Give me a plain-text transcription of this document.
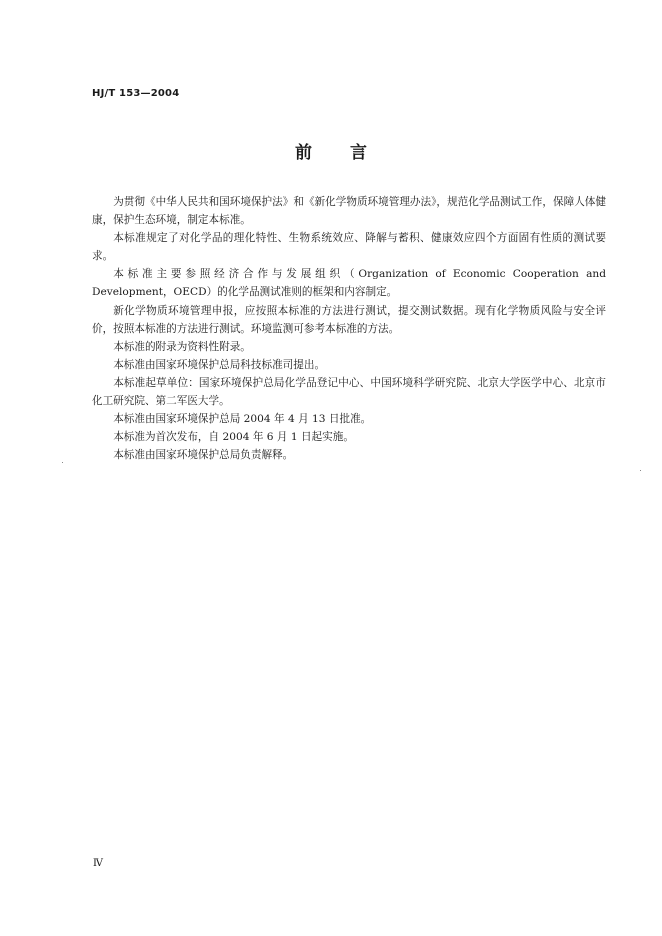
HJ/T 153—2004
前言

为贯彻《中华人民共和国环境保护法》和《新化学物质环境管理办法》，规范化学品测试工作，保障人体健康，保护生态环境，制定本标准。

本标准规定了对化学品的理化特性、生物系统效应、降解与蓄积、健康效应四个方面固有性质的测试要求。

本标准主要参照经济合作与发展组织（Organization of Economic Cooperation and Development，OECD）的化学品测试准则的框架和内容制定。

新化学物质环境管理申报，应按照本标准的方法进行测试，提交测试数据。现有化学物质风险与安全评价，按照本标准的方法进行测试。环境监测可参考本标准的方法。

本标准的附录为资料性附录。

本标准由国家环境保护总局科技标准司提出。

本标准起草单位：国家环境保护总局化学品登记中心、中国环境科学研究院、北京大学医学中心、北京市化工研究院、第二军医大学。

本标准由国家环境保护总局 2004 年 4 月 13 日批准。

本标准为首次发布，自 2004 年 6 月 1 日起实施。

本标准由国家环境保护总局负责解释。

Ⅳ
